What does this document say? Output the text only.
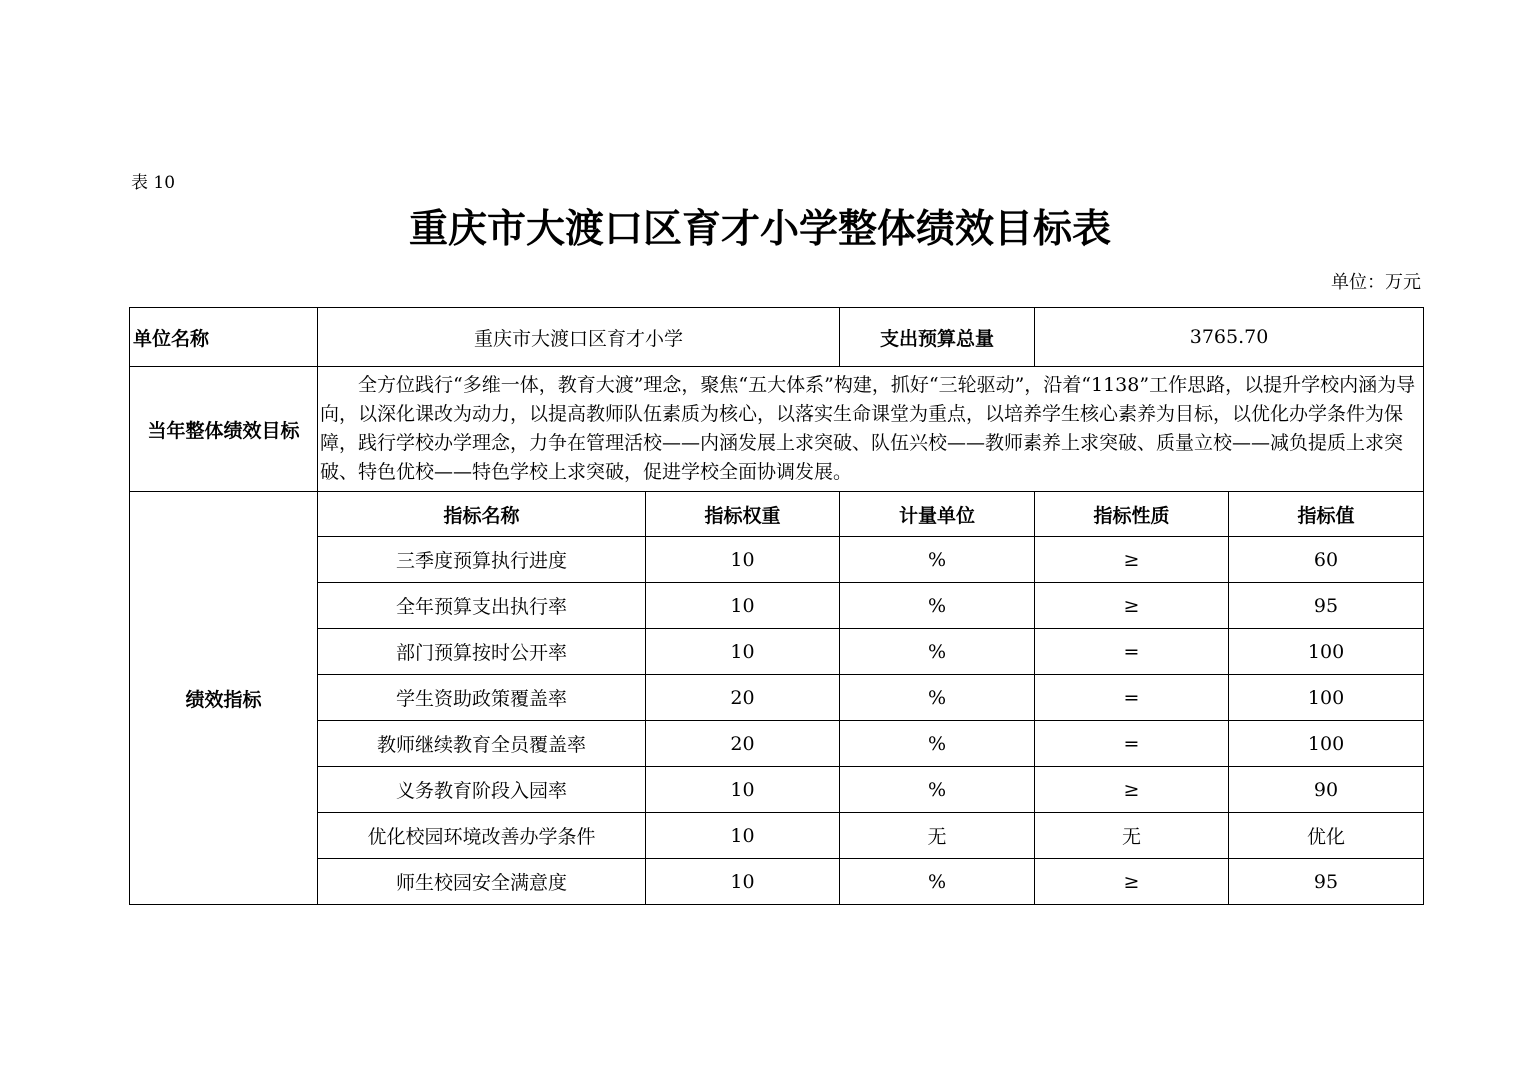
表 10
重庆市大渡口区育才小学整体绩效目标表
单位：万元
单位名称	重庆市大渡口区育才小学		支出预算总量	3765.70	
当年整体绩效目标	全方位践行“多维一体，教育大渡”理念，聚焦“五大体系”构建，抓好“三轮驱动”，沿着“1138”工作思路，以提升学校内涵为导向，以深化课改为动力，以提高教师队伍素质为核心，以落实生命课堂为重点，以培养学生核心素养为目标，以优化办学条件为保障，践行学校办学理念，力争在管理活校——内涵发展上求突破、队伍兴校——教师素养上求突破、质量立校——减负提质上求突破、特色优校——特色学校上求突破，促进学校全面协调发展。				
绩效指标	指标名称	指标权重	计量单位	指标性质	指标值
	三季度预算执行进度	10	%	≥	60
	全年预算支出执行率	10	%	≥	95
	部门预算按时公开率	10	%	=	100
	学生资助政策覆盖率	20	%	=	100
	教师继续教育全员覆盖率	20	%	=	100
	义务教育阶段入园率	10	%	≥	90
	优化校园环境改善办学条件	10	无	无	优化
	师生校园安全满意度	10	%	≥	95
